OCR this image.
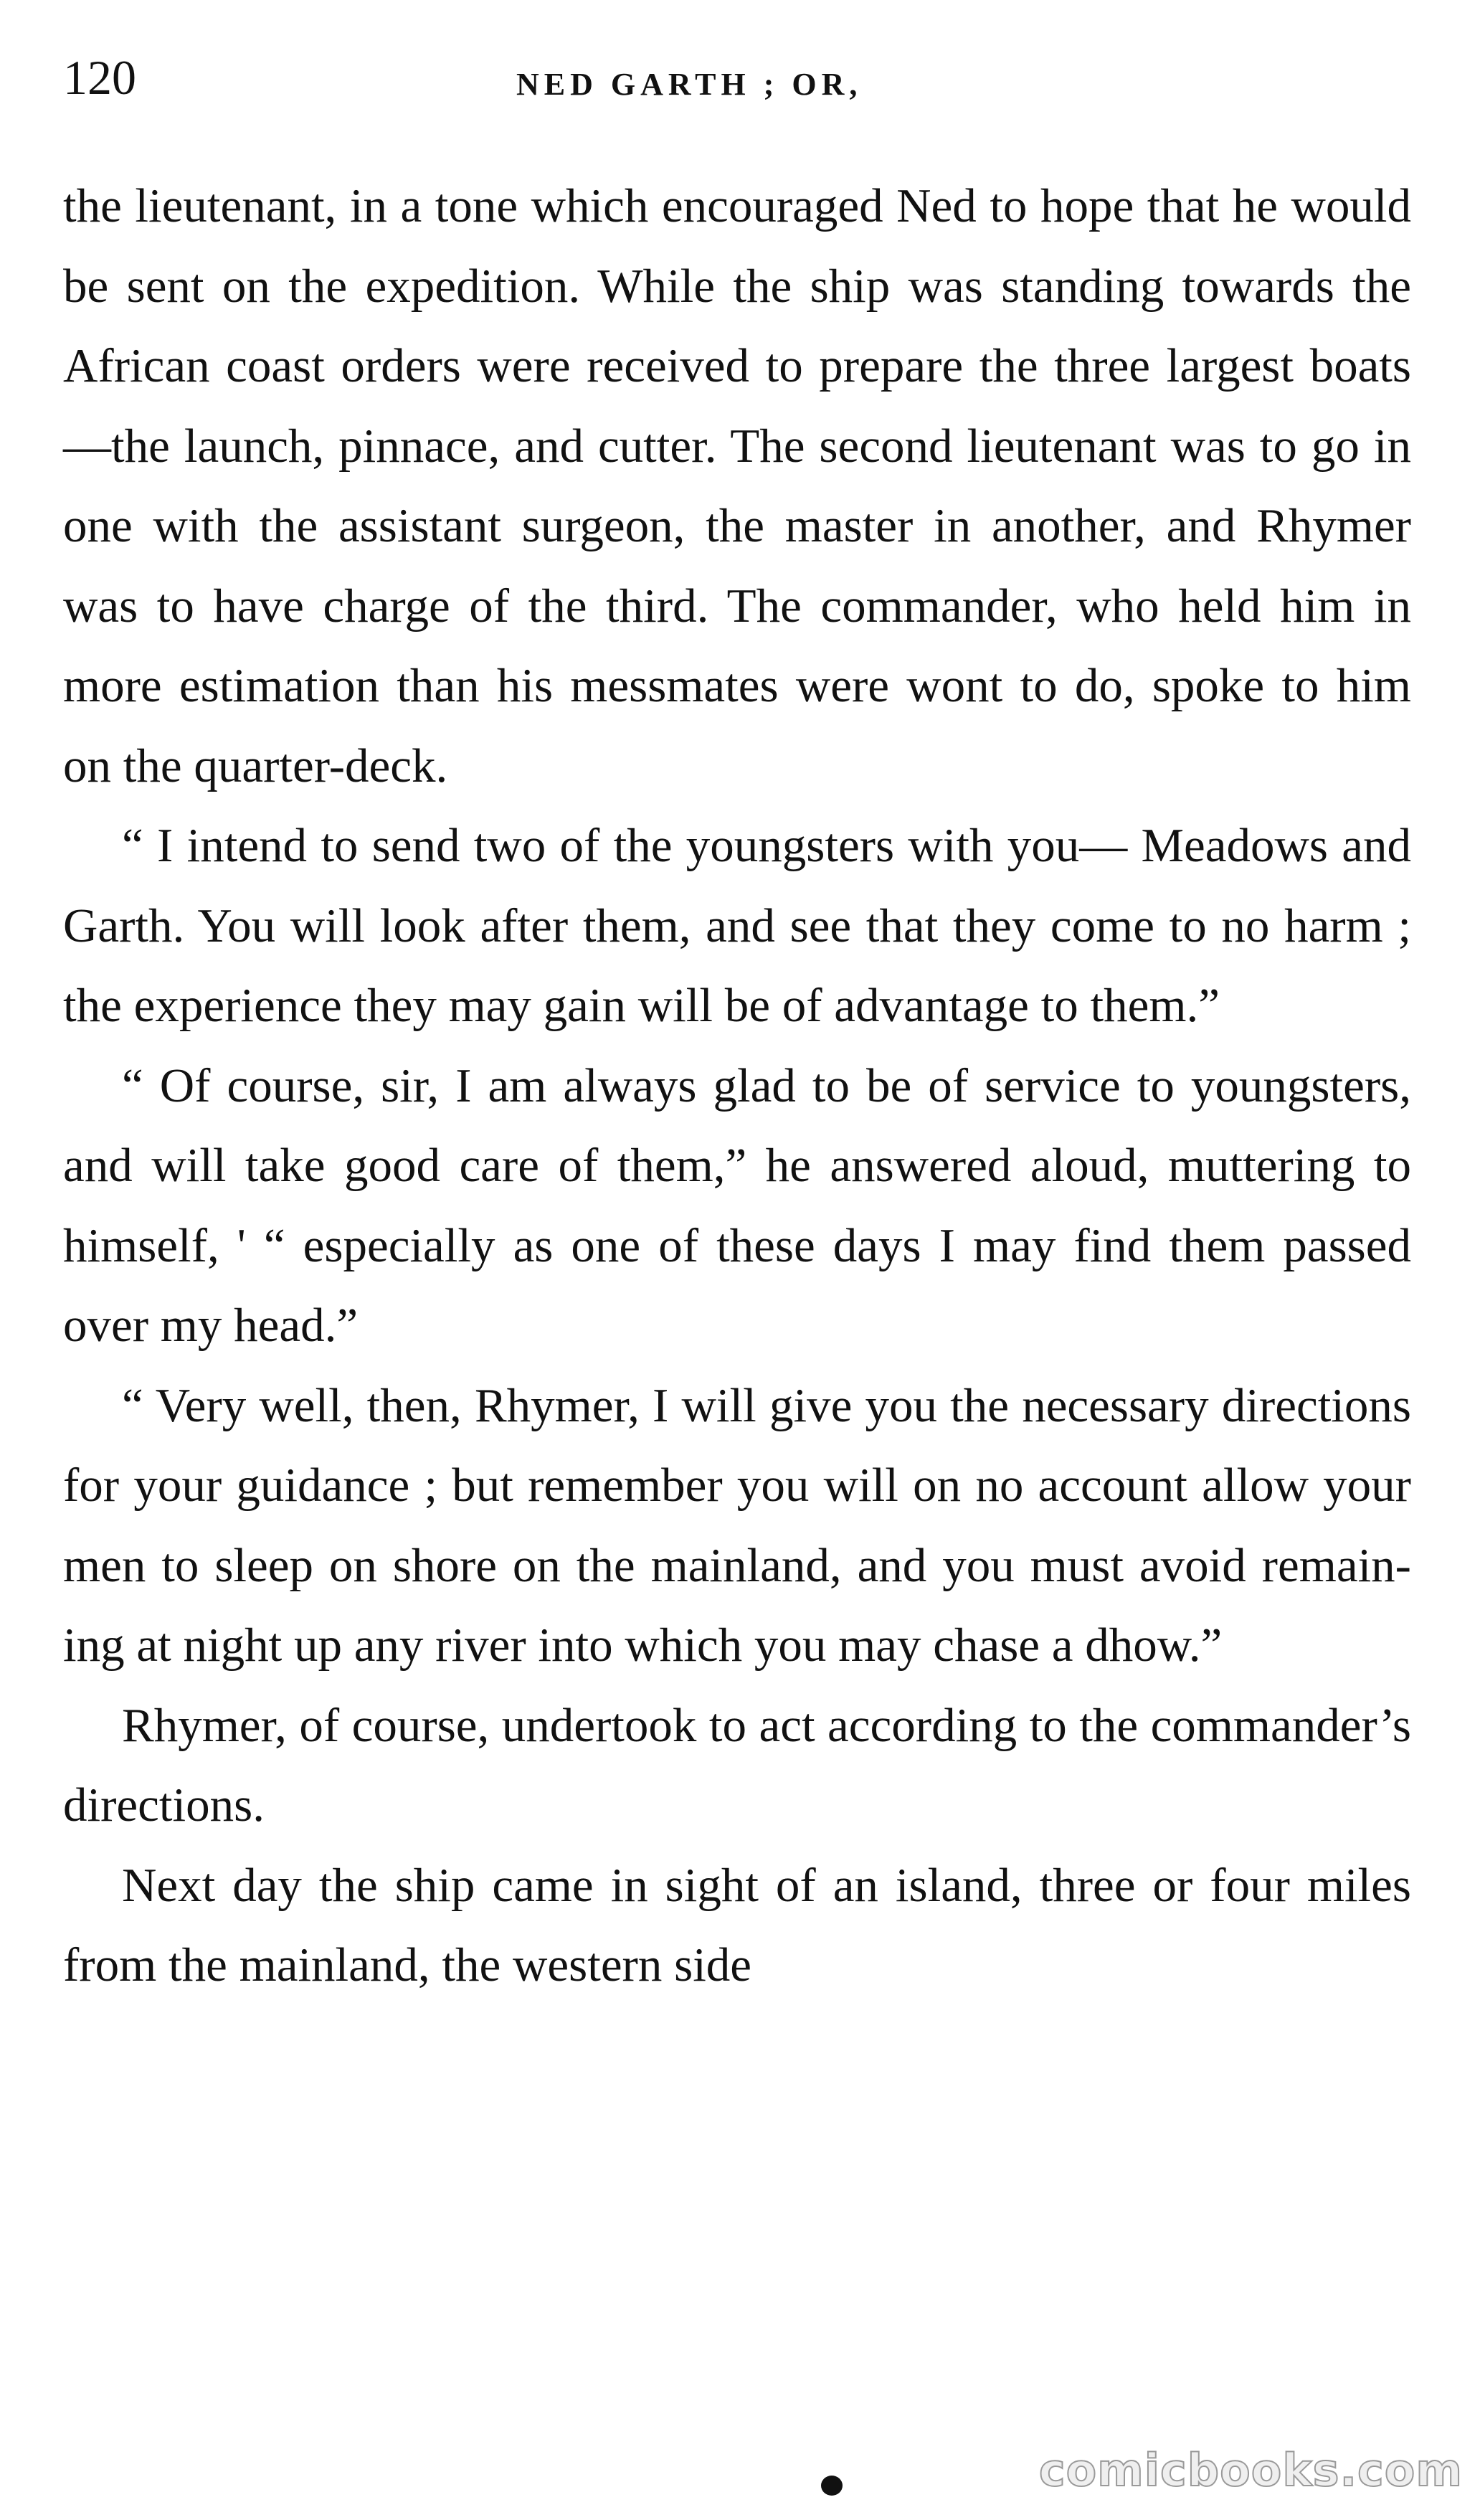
120	NED GARTH ; OR,

the lieutenant, in a tone which encouraged Ned to hope that he would be sent on the expedition. While the ship was standing towards the African coast orders were received to prepare the three largest boats—the launch, pinnace, and cutter. The second lieutenant was to go in one with the assistant surgeon, the master in another, and Rhymer was to have charge of the third. The commander, who held him in more estimation than his messmates were wont to do, spoke to him on the quarter-deck.

“ I intend to send two of the youngsters with you— Meadows and Garth. You will look after them, and see that they come to no harm ; the experience they may gain will be of advantage to them.”

“ Of course, sir, I am always glad to be of service to youngsters, and will take good care of them,” he answered aloud, muttering to himself, ' “ especially as one of these days I may find them passed over my head.”

“ Very well, then, Rhymer, I will give you the necessary directions for your guidance ; but remember you will on no account allow your men to sleep on shore on the mainland, and you must avoid remain- ing at night up any river into which you may chase a dhow.”

Rhymer, of course, undertook to act according to the commander’s directions.

Next day the ship came in sight of an island, three or four miles from the mainland, the western side

comicbooks.com
